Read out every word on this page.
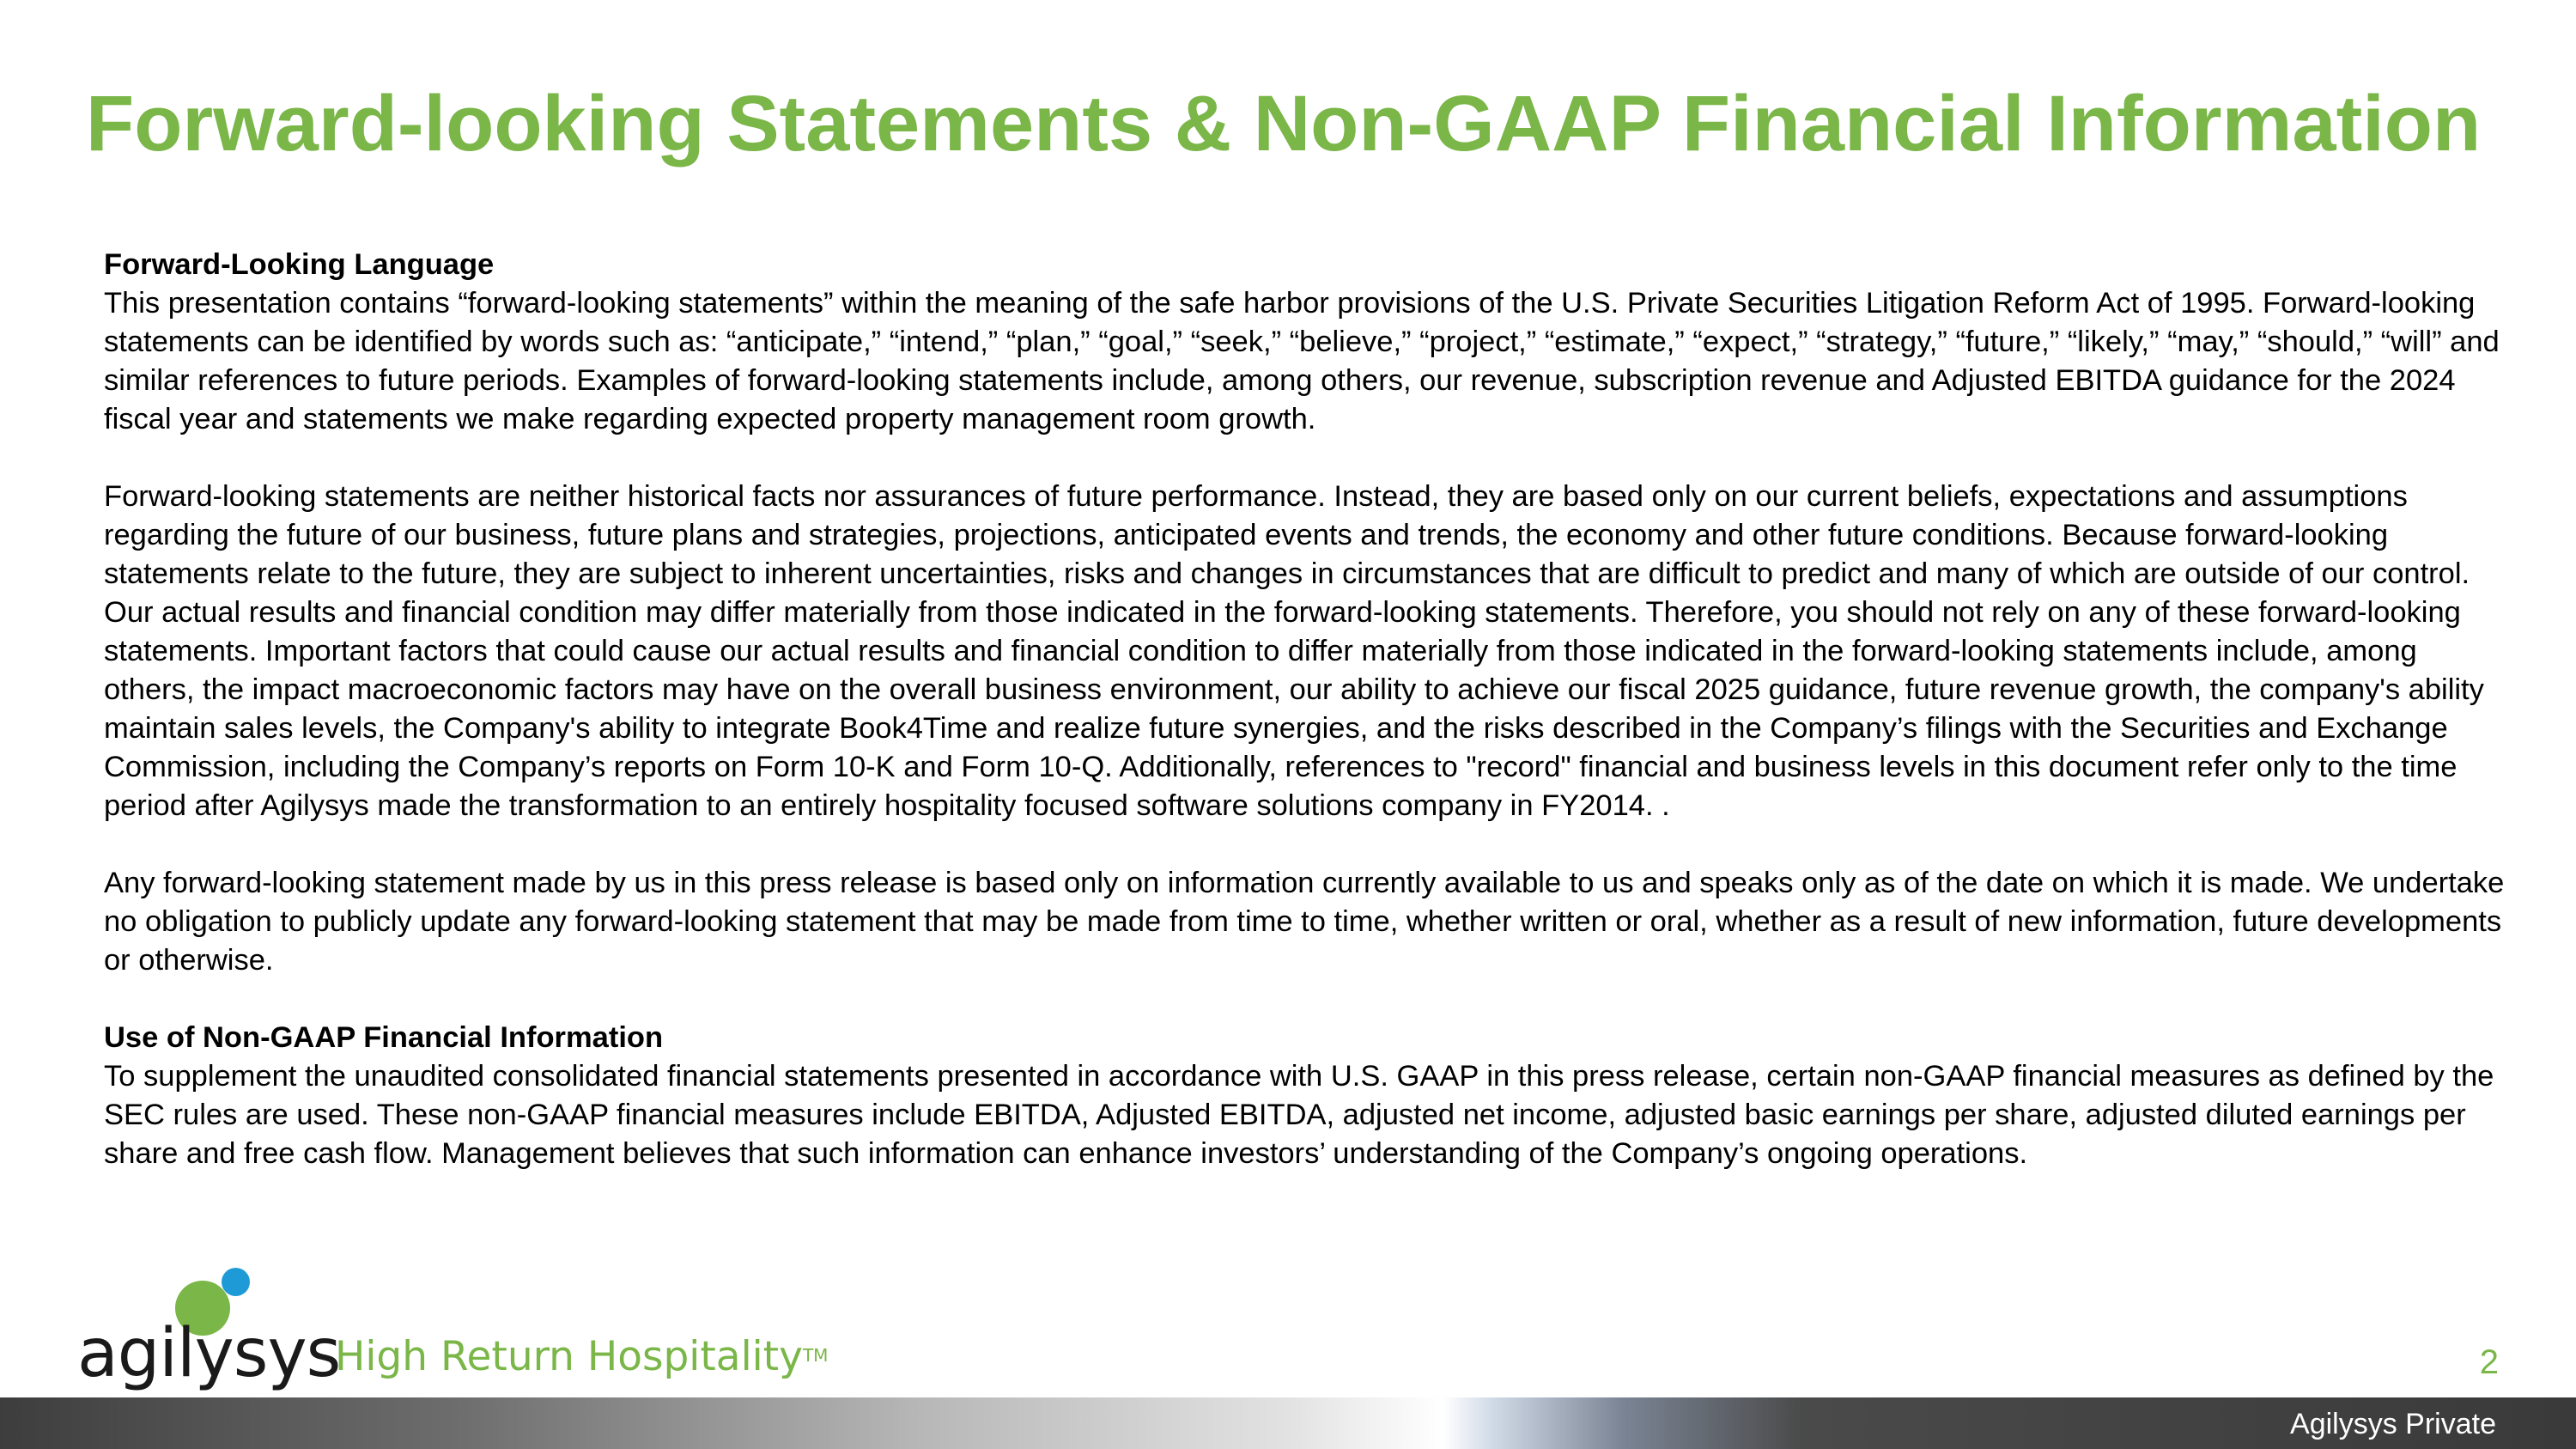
Forward-looking Statements & Non-GAAP Financial Information

Forward-Looking Language

This presentation contains “forward-looking statements” within the meaning of the safe harbor provisions of the U.S. Private Securities Litigation Reform Act of 1995. Forward-looking statements can be identified by words such as: “anticipate,” “intend,” “plan,” “goal,” “seek,” “believe,” “project,” “estimate,” “expect,” “strategy,” “future,” “likely,” “may,” “should,” “will” and similar references to future periods. Examples of forward-looking statements include, among others, our revenue, subscription revenue and Adjusted EBITDA guidance for the 2024 fiscal year and statements we make regarding expected property management room growth.

Forward-looking statements are neither historical facts nor assurances of future performance. Instead, they are based only on our current beliefs, expectations and assumptions regarding the future of our business, future plans and strategies, projections, anticipated events and trends, the economy and other future conditions. Because forward-looking statements relate to the future, they are subject to inherent uncertainties, risks and changes in circumstances that are difficult to predict and many of which are outside of our control. Our actual results and financial condition may differ materially from those indicated in the forward-looking statements. Therefore, you should not rely on any of these forward-looking statements. Important factors that could cause our actual results and financial condition to differ materially from those indicated in the forward-looking statements include, among others, the impact macroeconomic factors may have on the overall business environment, our ability to achieve our fiscal 2025 guidance, future revenue growth, the company's ability maintain sales levels, the Company's ability to integrate Book4Time and realize future synergies, and the risks described in the Company’s filings with the Securities and Exchange Commission, including the Company’s reports on Form 10-K and Form 10-Q. Additionally, references to "record" financial and business levels in this document refer only to the time period after Agilysys made the transformation to an entirely hospitality focused software solutions company in FY2014. .

Any forward-looking statement made by us in this press release is based only on information currently available to us and speaks only as of the date on which it is made. We undertake no obligation to publicly update any forward-looking statement that may be made from time to time, whether written or oral, whether as a result of new information, future developments or otherwise.

Use of Non-GAAP Financial Information

To supplement the unaudited consolidated financial statements presented in accordance with U.S. GAAP in this press release, certain non-GAAP financial measures as defined by the SEC rules are used. These non-GAAP financial measures include EBITDA, Adjusted EBITDA, adjusted net income, adjusted basic earnings per share, adjusted diluted earnings per share and free cash flow. Management believes that such information can enhance investors’ understanding of the Company’s ongoing operations.

agilysys
High Return Hospitality™	2
Agilysys Private
